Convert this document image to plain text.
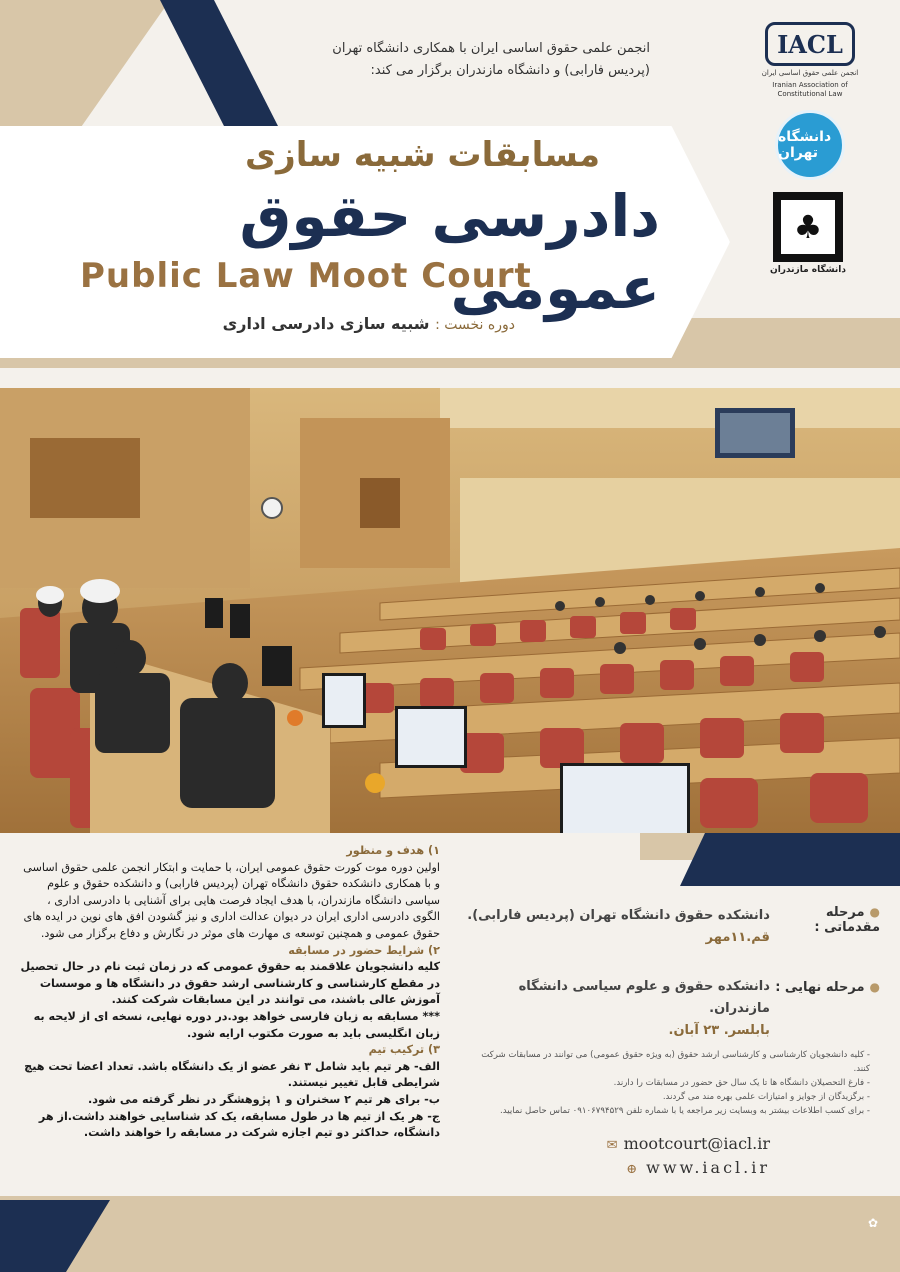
انجمن علمی حقوق اساسی ایران با همکاری دانشگاه تهران
(پردیس فارابی) و دانشگاه مازندران برگزار می کند:
مسابقات شبیه سازی
دادرسی حقوق عمومی
Public Law Moot Court
دوره نخست : شبیه سازی دادرسی اداری
IACL
انجمن علمی حقوق اساسی ایران
Iranian Association of Constitutional Law
دانشگاه تهران
♣
دانشگاه مازندران
۱) هدف و منظور
اولین دوره موت کورت حقوق عمومی ایران، با حمایت و ابتکار انجمن علمی حقوق اساسی و با همکاری دانشکده حقوق دانشگاه تهران (پردیس فارابی) و دانشکده حقوق و علوم سیاسی دانشگاه مازندران، با هدف ایجاد فرصت هایی برای آشنایی با دادرسی اداری ، الگوی دادرسی اداری ایران در دیوان عدالت اداری و نیز گشودن افق های نوین در ایده های حقوق عمومی و همچنین توسعه ی مهارت های موثر در نگارش و دفاع برگزار می شود.
۲) شرایط حضور در مسابقه
کلیه دانشجویان علاقمند به حقوق عمومی که در زمان ثبت نام در حال تحصیل در مقطع کارشناسی و کارشناسی ارشد حقوق در دانشگاه ها و موسسات آموزش عالی باشند، می توانند در این مسابقات شرکت کنند.
*** مسابقه به زبان فارسی خواهد بود.در دوره نهایی، نسخه ای از لایحه به زبان انگلیسی باید به صورت مکتوب ارایه شود.
۳) ترکیب تیم
الف- هر تیم باید شامل ۳ نفر عضو از یک دانشگاه باشد. تعداد اعضا تحت هیچ شرایطی قابل تغییر نیستند.
ب- برای هر تیم ۲ سخنران و ۱ پژوهشگر در نظر گرفته می شود.
ج- هر یک از تیم ها در طول مسابقه، یک کد شناسایی خواهند داشت.از هر دانشگاه، حداکثر دو تیم اجازه شرکت در مسابقه را خواهند داشت.
●مرحله مقدماتی :
دانشکده حقوق دانشگاه تهران (پردیس فارابی).
قم.۱۱مهر
●مرحله نهایی :
دانشکده حقوق و علوم سیاسی دانشگاه مازندران.
بابلسر. ۲۳ آبان.
- کلیه دانشجویان کارشناسی و کارشناسی ارشد حقوق (به ویژه حقوق عمومی) می توانند در مسابقات شرکت کنند.
- فارغ التحصیلان دانشگاه ها تا یک سال حق حضور در مسابقات را دارند.
- برگزیدگان از جوایز و امتیازات علمی بهره مند می گردند.
- برای کسب اطلاعات بیشتر به وبسایت زیر مراجعه یا با شماره تلفن ۰۹۱۰۶۷۹۴۵۲۹ تماس حاصل نمایید.
✉ mootcourt@iacl.ir
⊕ www.iacl.ir
✿
